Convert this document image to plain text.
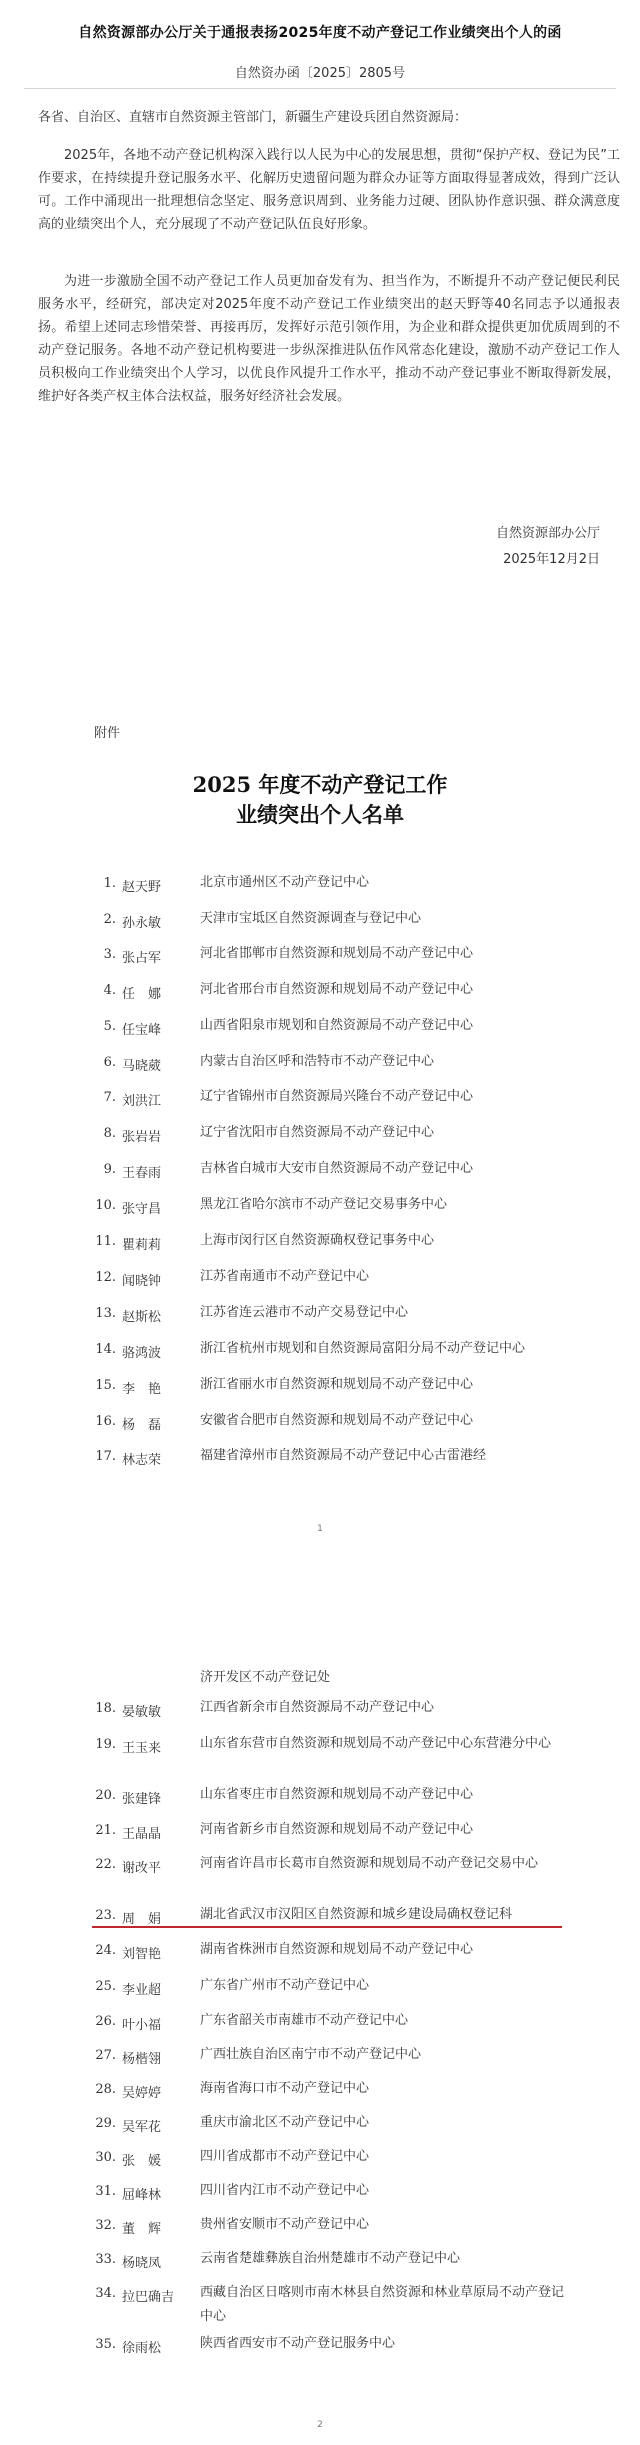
自然资源部办公厅关于通报表扬2025年度不动产登记工作业绩突出个人的函
自然资办函〔2025〕2805号
各省、自治区、直辖市自然资源主管部门，新疆生产建设兵团自然资源局：
2025年，各地不动产登记机构深入践行以人民为中心的发展思想，贯彻“保护产权、登记为民”工作要求，在持续提升登记服务水平、化解历史遗留问题为群众办证等方面取得显著成效，得到广泛认可。工作中涌现出一批理想信念坚定、服务意识周到、业务能力过硬、团队协作意识强、群众满意度高的业绩突出个人，充分展现了不动产登记队伍良好形象。
为进一步激励全国不动产登记工作人员更加奋发有为、担当作为，不断提升不动产登记便民利民服务水平，经研究，部决定对2025年度不动产登记工作业绩突出的赵天野等40名同志予以通报表扬。希望上述同志珍惜荣誉、再接再厉，发挥好示范引领作用，为企业和群众提供更加优质周到的不动产登记服务。各地不动产登记机构要进一步纵深推进队伍作风常态化建设，激励不动产登记工作人员积极向工作业绩突出个人学习，以优良作风提升工作水平，推动不动产登记事业不断取得新发展，维护好各类产权主体合法权益，服务好经济社会发展。
自然资源部办公厅
2025年12月2日
附件
2025 年度不动产登记工作
业绩突出个人名单
1. 赵天野	北京市通州区不动产登记中心
2. 孙永敏	天津市宝坻区自然资源调查与登记中心
3. 张占军	河北省邯郸市自然资源和规划局不动产登记中心
4. 任　娜	河北省邢台市自然资源和规划局不动产登记中心
5. 任宝峰	山西省阳泉市规划和自然资源局不动产登记中心
6. 马晓葳	内蒙古自治区呼和浩特市不动产登记中心
7. 刘洪江	辽宁省锦州市自然资源局兴隆台不动产登记中心
8. 张岩岩	辽宁省沈阳市自然资源局不动产登记中心
9. 王春雨	吉林省白城市大安市自然资源局不动产登记中心
10. 张守昌	黑龙江省哈尔滨市不动产登记交易事务中心
11. 瞿莉莉	上海市闵行区自然资源确权登记事务中心
12. 闻晓钟	江苏省南通市不动产登记中心
13. 赵斯松	江苏省连云港市不动产交易登记中心
14. 骆鸿波	浙江省杭州市规划和自然资源局富阳分局不动产登记中心
15. 李　艳	浙江省丽水市自然资源和规划局不动产登记中心
16. 杨　磊	安徽省合肥市自然资源和规划局不动产登记中心
17. 林志荣	福建省漳州市自然资源局不动产登记中心古雷港经
1
济开发区不动产登记处
18. 晏敏敏	江西省新余市自然资源局不动产登记中心
19. 王玉来	山东省东营市自然资源和规划局不动产登记中心东营港分中心
20. 张建锋	山东省枣庄市自然资源和规划局不动产登记中心
21. 王晶晶	河南省新乡市自然资源和规划局不动产登记中心
22. 谢改平	河南省许昌市长葛市自然资源和规划局不动产登记交易中心
23. 周　娟	湖北省武汉市汉阳区自然资源和城乡建设局确权登记科
24. 刘智艳	湖南省株洲市自然资源和规划局不动产登记中心
25. 李业超	广东省广州市不动产登记中心
26. 叶小福	广东省韶关市南雄市不动产登记中心
27. 杨楷翎	广西壮族自治区南宁市不动产登记中心
28. 吴婷婷	海南省海口市不动产登记中心
29. 吴军花	重庆市渝北区不动产登记中心
30. 张　媛	四川省成都市不动产登记中心
31. 屈峰林	四川省内江市不动产登记中心
32. 董　辉	贵州省安顺市不动产登记中心
33. 杨晓凤	云南省楚雄彝族自治州楚雄市不动产登记中心
34. 拉巴确吉	西藏自治区日喀则市南木林县自然资源和林业草原局不动产登记中心
35. 徐雨松	陕西省西安市不动产登记服务中心
2
